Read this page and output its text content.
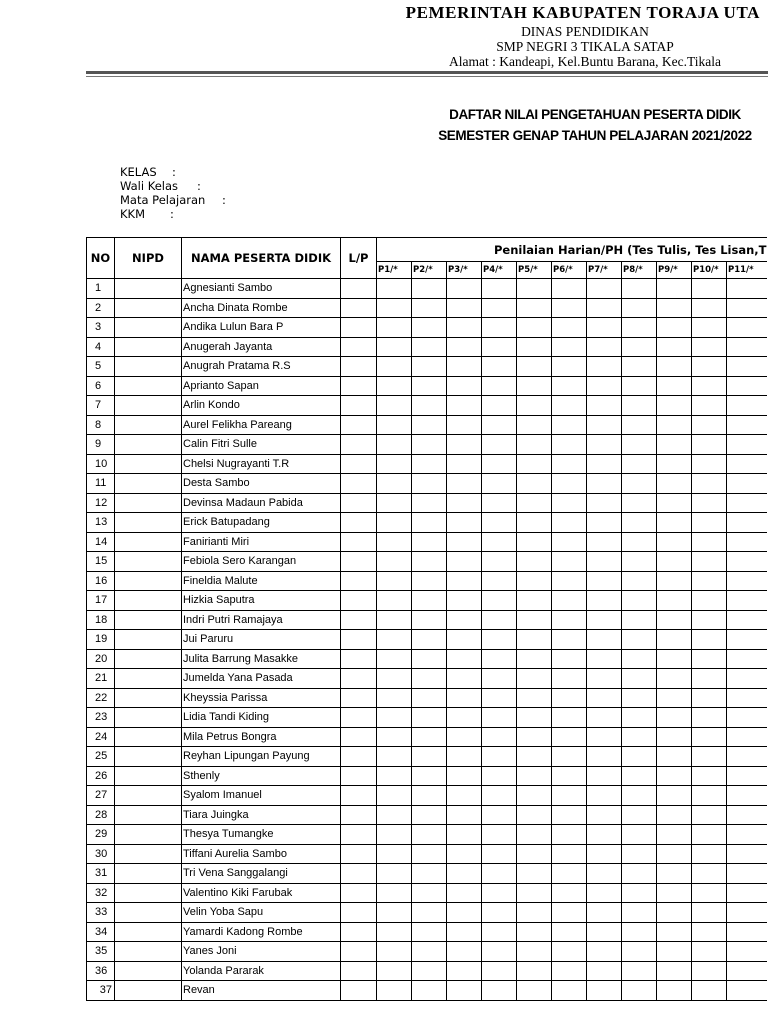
PEMERINTAH KABUPATEN TORAJA UTA
DINAS PENDIDIKAN
SMP NEGRI 3 TIKALA SATAP
Alamat : Kandeapi, Kel.Buntu Barana, Kec.Tikala
DAFTAR NILAI PENGETAHUAN PESERTA DIDIK
SEMESTER GENAP TAHUN PELAJARAN 2021/2022
KELAS :
Wali Kelas :
Mata Pelajaran :
KKM :
NO	NIPD	NAMA PESERTA DIDIK	L/P	Penilaian Harian/PH (Tes Tulis, Tes Lisan,T										
				P1/*	P2/*	P3/*	P4/*	P5/*	P6/*	P7/*	P8/*	P9/*	P10/*	P11/*
1		Agnesianti Sambo												
2		Ancha Dinata Rombe												
3		Andika Lulun Bara P												
4		Anugerah Jayanta												
5		Anugrah Pratama R.S												
6		Aprianto Sapan												
7		Arlin Kondo												
8		Aurel Felikha Pareang												
9		Calin Fitri Sulle												
10		Chelsi Nugrayanti T.R												
11		Desta Sambo												
12		Devinsa Madaun Pabida												
13		Erick Batupadang												
14		Fanirianti Miri												
15		Febiola Sero Karangan												
16		Fineldia Malute												
17		Hizkia Saputra												
18		Indri Putri Ramajaya												
19		Jui Paruru												
20		Julita Barrung Masakke												
21		Jumelda Yana Pasada												
22		Kheyssia Parissa												
23		Lidia Tandi Kiding												
24		Mila Petrus Bongra												
25		Reyhan Lipungan Payung												
26		Sthenly												
27		Syalom Imanuel												
28		Tiara Juingka												
29		Thesya Tumangke												
30		Tiffani Aurelia Sambo												
31		Tri Vena Sanggalangi												
32		Valentino Kiki Farubak												
33		Velin Yoba Sapu												
34		Yamardi Kadong Rombe												
35		Yanes Joni												
36		Yolanda Pararak												
37		Revan												
